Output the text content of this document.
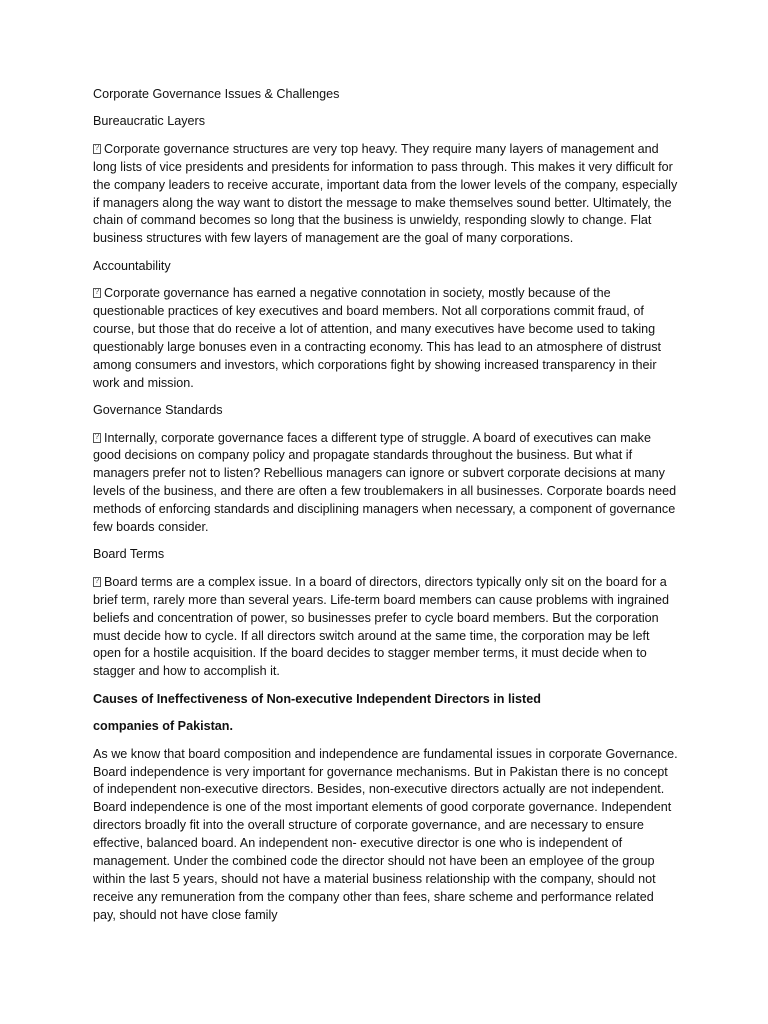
Corporate Governance Issues & Challenges

Bureaucratic Layers

?Corporate governance structures are very top heavy. They require many layers of management and long lists of vice presidents and presidents for information to pass through. This makes it very difficult for the company leaders to receive accurate, important data from the lower levels of the company, especially if managers along the way want to distort the message to make themselves sound better. Ultimately, the chain of command becomes so long that the business is unwieldy, responding slowly to change. Flat business structures with few layers of management are the goal of many corporations.

Accountability

?Corporate governance has earned a negative connotation in society, mostly because of the questionable practices of key executives and board members. Not all corporations commit fraud, of course, but those that do receive a lot of attention, and many executives have become used to taking questionably large bonuses even in a contracting economy. This has lead to an atmosphere of distrust among consumers and investors, which corporations fight by showing increased transparency in their work and mission.

Governance Standards

?Internally, corporate governance faces a different type of struggle. A board of executives can make good decisions on company policy and propagate standards throughout the business. But what if managers prefer not to listen? Rebellious managers can ignore or subvert corporate decisions at many levels of the business, and there are often a few troublemakers in all businesses. Corporate boards need methods of enforcing standards and disciplining managers when necessary, a component of governance few boards consider.

Board Terms

?Board terms are a complex issue. In a board of directors, directors typically only sit on the board for a brief term, rarely more than several years. Life-term board members can cause problems with ingrained beliefs and concentration of power, so businesses prefer to cycle board members. But the corporation must decide how to cycle. If all directors switch around at the same time, the corporation may be left open for a hostile acquisition. If the board decides to stagger member terms, it must decide when to stagger and how to accomplish it.

Causes of Ineffectiveness of Non-executive Independent Directors in listed

companies of Pakistan.

As we know that board composition and independence are fundamental issues in corporate Governance. Board independence is very important for governance mechanisms. But in Pakistan there is no concept of independent non-executive directors. Besides, non-executive directors actually are not independent. Board independence is one of the most important elements of good corporate governance. Independent directors broadly fit into the overall structure of corporate governance, and are necessary to ensure effective, balanced board. An independent non- executive director is one who is independent of management. Under the combined code the director should not have been an employee of the group within the last 5 years, should not have a material business relationship with the company, should not receive any remuneration from the company other than fees, share scheme and performance related pay, should not have close family
